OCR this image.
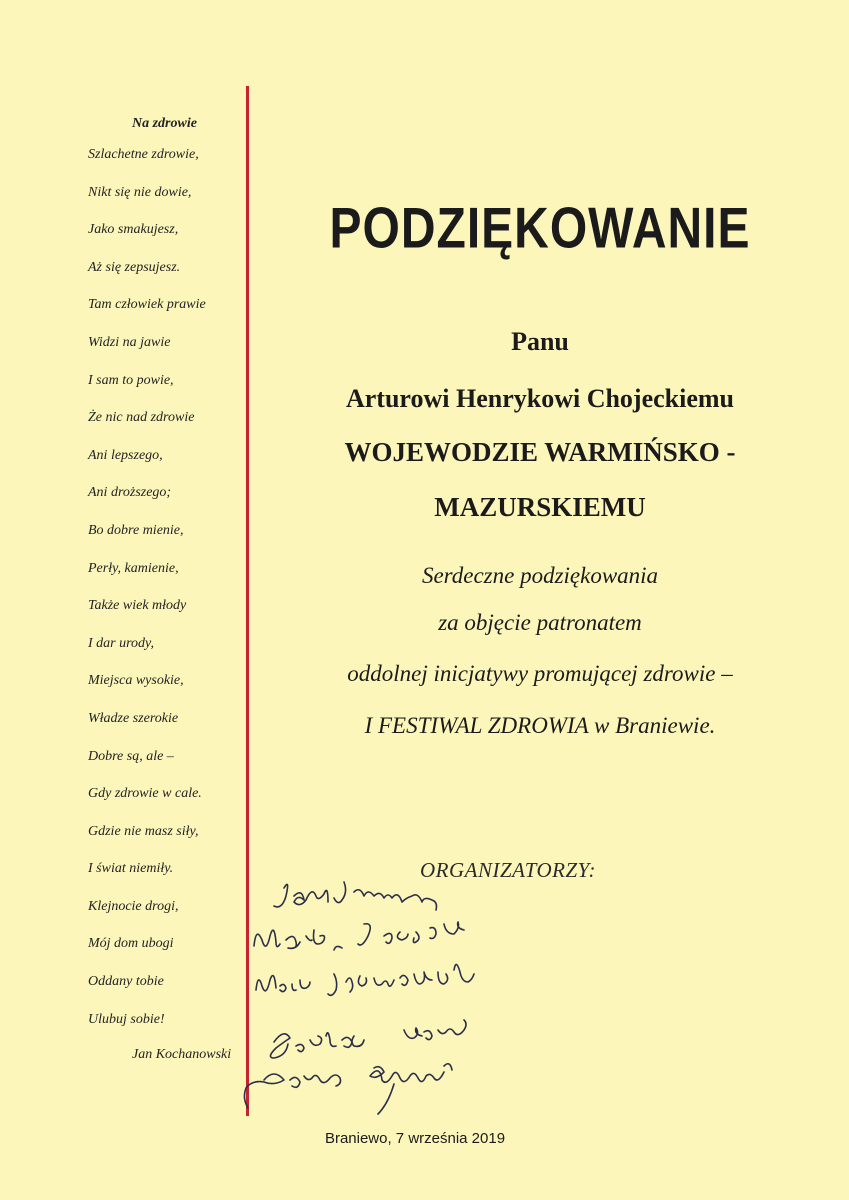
Na zdrowie
Szlachetne zdrowie,
Nikt się nie dowie,
Jako smakujesz,
Aż się zepsujesz.
Tam człowiek prawie
Widzi na jawie
I sam to powie,
Że nic nad zdrowie
Ani lepszego,
Ani droższego;
Bo dobre mienie,
Perły, kamienie,
Także wiek młody
I dar urody,
Miejsca wysokie,
Władze szerokie
Dobre są, ale –
Gdy zdrowie w cale.
Gdzie nie masz siły,
I świat niemiły.
Klejnocie drogi,
Mój dom ubogi
Oddany tobie
Ulubuj sobie!
Jan Kochanowski
PODZIĘKOWANIE
Panu
Arturowi Henrykowi Chojeckiemu
WOJEWODZIE WARMIŃSKO -
MAZURSKIEMU
Serdeczne podziękowania
za objęcie patronatem
oddolnej inicjatywy promującej zdrowie –
I FESTIWAL ZDROWIA w Braniewie.
ORGANIZATORZY:
Braniewo, 7 września 2019
